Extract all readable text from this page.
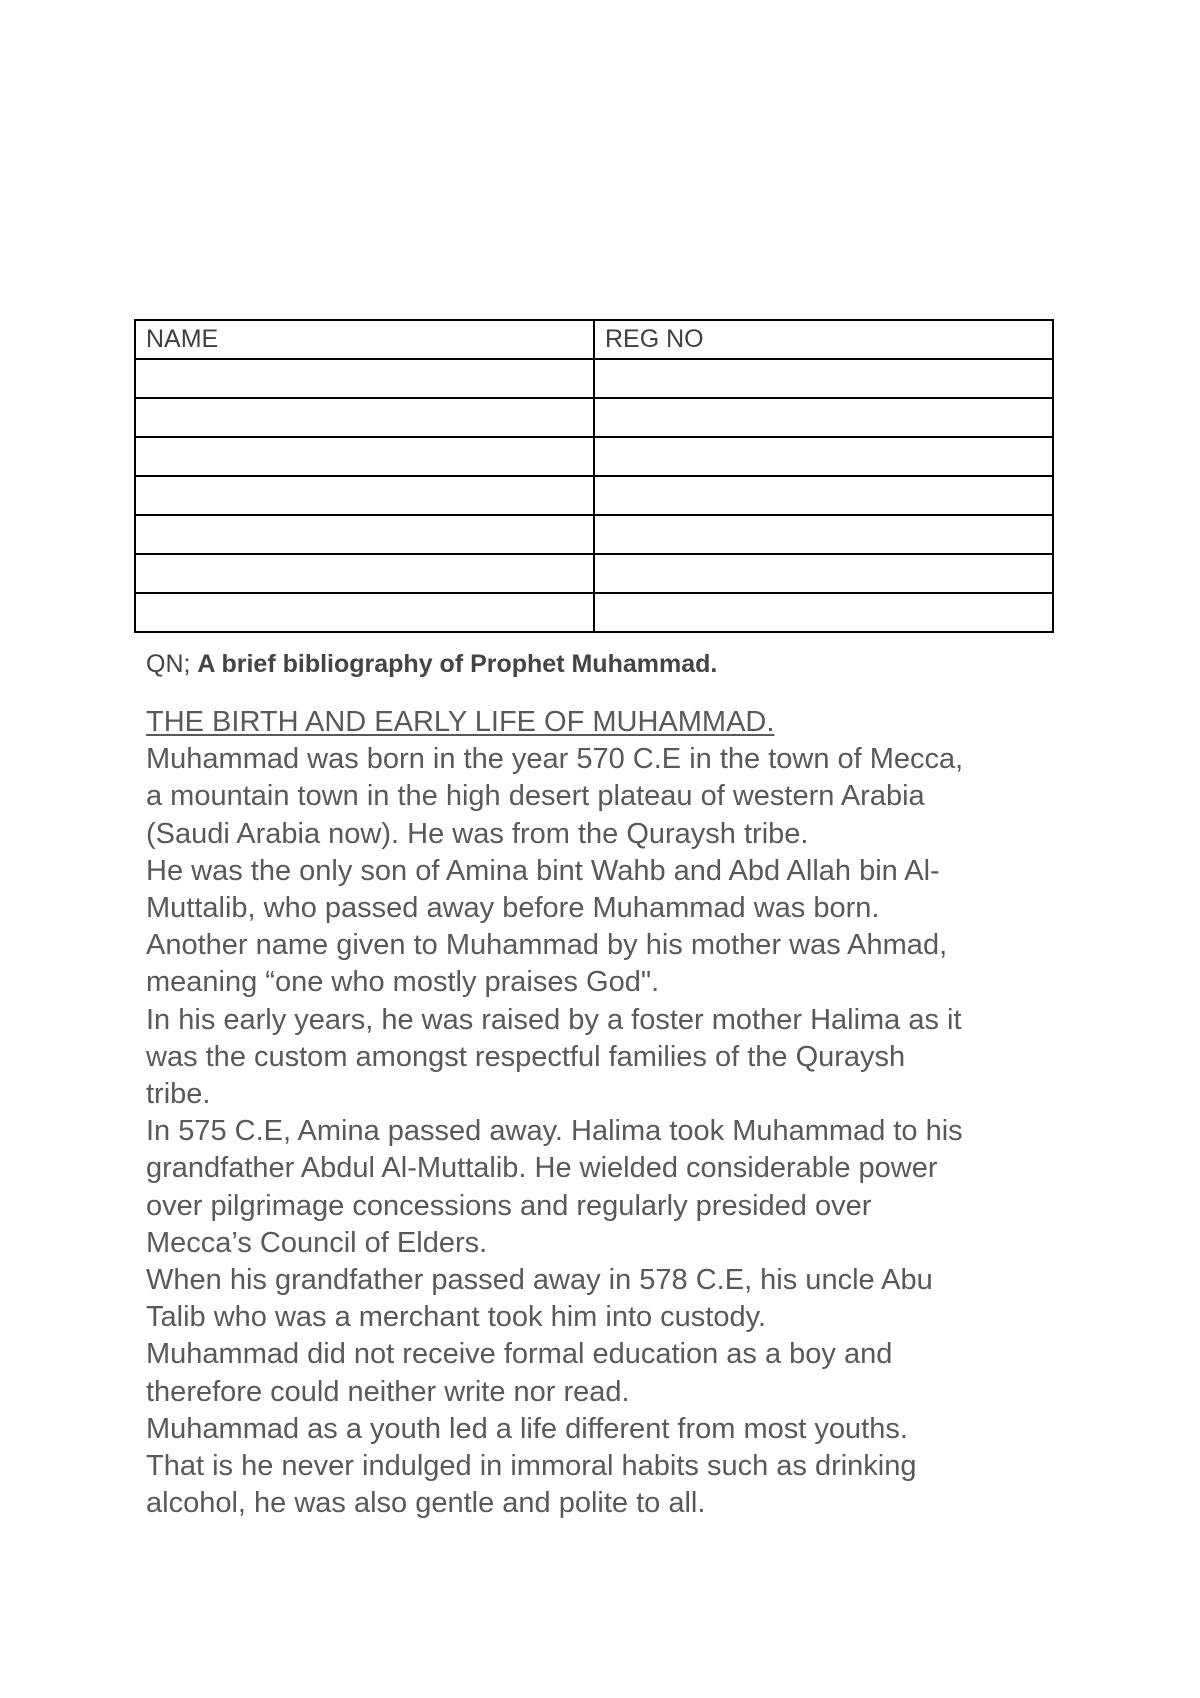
NAME	REG NO

QN; A brief bibliography of Prophet Muhammad.
THE BIRTH AND EARLY LIFE OF MUHAMMAD.
Muhammad was born in the year 570 C.E in the town of Mecca,
a mountain town in the high desert plateau of western Arabia
(Saudi Arabia now). He was from the Quraysh tribe.
He was the only son of Amina bint Wahb and Abd Allah bin Al-
Muttalib, who passed away before Muhammad was born.
Another name given to Muhammad by his mother was Ahmad,
meaning “one who mostly praises God".
In his early years, he was raised by a foster mother Halima as it
was the custom amongst respectful families of the Quraysh
tribe.
In 575 C.E, Amina passed away. Halima took Muhammad to his
grandfather Abdul Al-Muttalib. He wielded considerable power
over pilgrimage concessions and regularly presided over
Mecca’s Council of Elders.
When his grandfather passed away in 578 C.E, his uncle Abu
Talib who was a merchant took him into custody.
Muhammad did not receive formal education as a boy and
therefore could neither write nor read.
Muhammad as a youth led a life different from most youths.
That is he never indulged in immoral habits such as drinking
alcohol, he was also gentle and polite to all.
